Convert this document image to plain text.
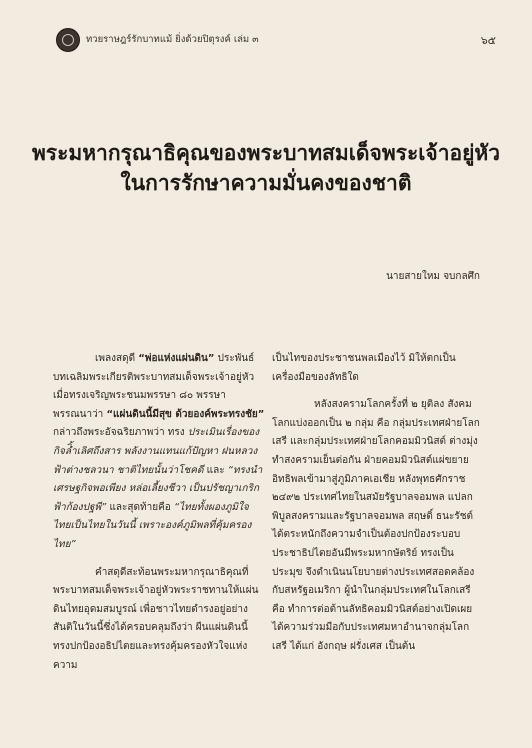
ทวยราษฎร์รักบาทแม้ ยิ่งด้วยปิตุรงค์ เล่ม ๓	๖๕
พระมหากรุณาธิคุณของพระบาทสมเด็จพระเจ้าอยู่หัว
ในการรักษาความมั่นคงของชาติ
นายสายใหม จบกลศึก

เพลงสดุดี “พ่อแห่งแผ่นดิน” ประพันธ์บทเฉลิมพระเกียรติพระบาทสมเด็จพระเจ้าอยู่หัว เมื่อทรงเจริญพระชนมพรรษา ๘๐ พรรษา พรรณนาว่า “แผ่นดินนี้มีสุข ด้วยองค์พระทรงชัย” กล่าวถึงพระอัจฉริยภาพว่า ทรง ประเมินเรื่องของกิจลิ้ำเลิศถึงสาร พลังงานแทนแก้ปัญหา ฝนหลวงฟ้าต่างชลวนา ชาติไทยนั้นว่าโชคดี และ “ทรงนำเศรษฐกิจพอเพียง หล่อเลี้ยงชีวา เป็นปรัชญาเกริกฟ้าก้องปฐพี” และสุดท้ายคือ “ไทยทั้งผองภูมิใจ ไทยเป็นไทยในวันนี้ เพราะองค์ภูมิพลที่คุ้มครองไทย”

คำสดุดีสะท้อนพระมหากรุณาธิคุณที่พระบาทสมเด็จพระเจ้าอยู่หัวพระราชทานให้แผ่นดินไทยอุดมสมบูรณ์ เพื่อชาวไทยดำรงอยู่อย่างสันติในวันนี้ซึ่งได้ครอบคลุมถึงว่า ผืนแผ่นดินนี้ ทรงปกป้องอธิปไตยและทรงคุ้มครองหัวใจแห่งความ

เป็นไทของประชาชนพลเมืองไว้ มิให้ตกเป็นเครื่องมือของลัทธิใด

หลังสงครามโลกครั้งที่ ๒ ยุติลง สังคมโลกแบ่งออกเป็น ๒ กลุ่ม คือ กลุ่มประเทศฝ่ายโลกเสรี และกลุ่มประเทศฝ่ายโลกคอมมิวนิสต์ ต่างมุ่งทำสงครามเย็นต่อกัน ฝ่ายคอมมิวนิสต์แผ่ขยายอิทธิพลเข้ามาสู่ภูมิภาคเอเชีย หลังพุทธศักราช ๒๔๙๒ ประเทศไทยในสมัยรัฐบาลจอมพล แปลก พิบูลสงครามและรัฐบาลจอมพล สฤษดิ์ ธนะรัชต์ ได้ตระหนักถึงความจำเป็นต้องปกป้องระบอบประชาธิปไตยอันมีพระมหากษัตริย์ ทรงเป็นประมุข จึงดำเนินนโยบายต่างประเทศสอดคล้องกับสหรัฐอเมริกา ผู้นำในกลุ่มประเทศในโลกเสรี คือ ทำการต่อต้านลัทธิคอมมิวนิสต์อย่างเปิดเผย ได้ความร่วมมือกับประเทศมหาอำนาจกลุ่มโลกเสรี ได้แก่ อังกฤษ ฝรั่งเศส เป็นต้น
